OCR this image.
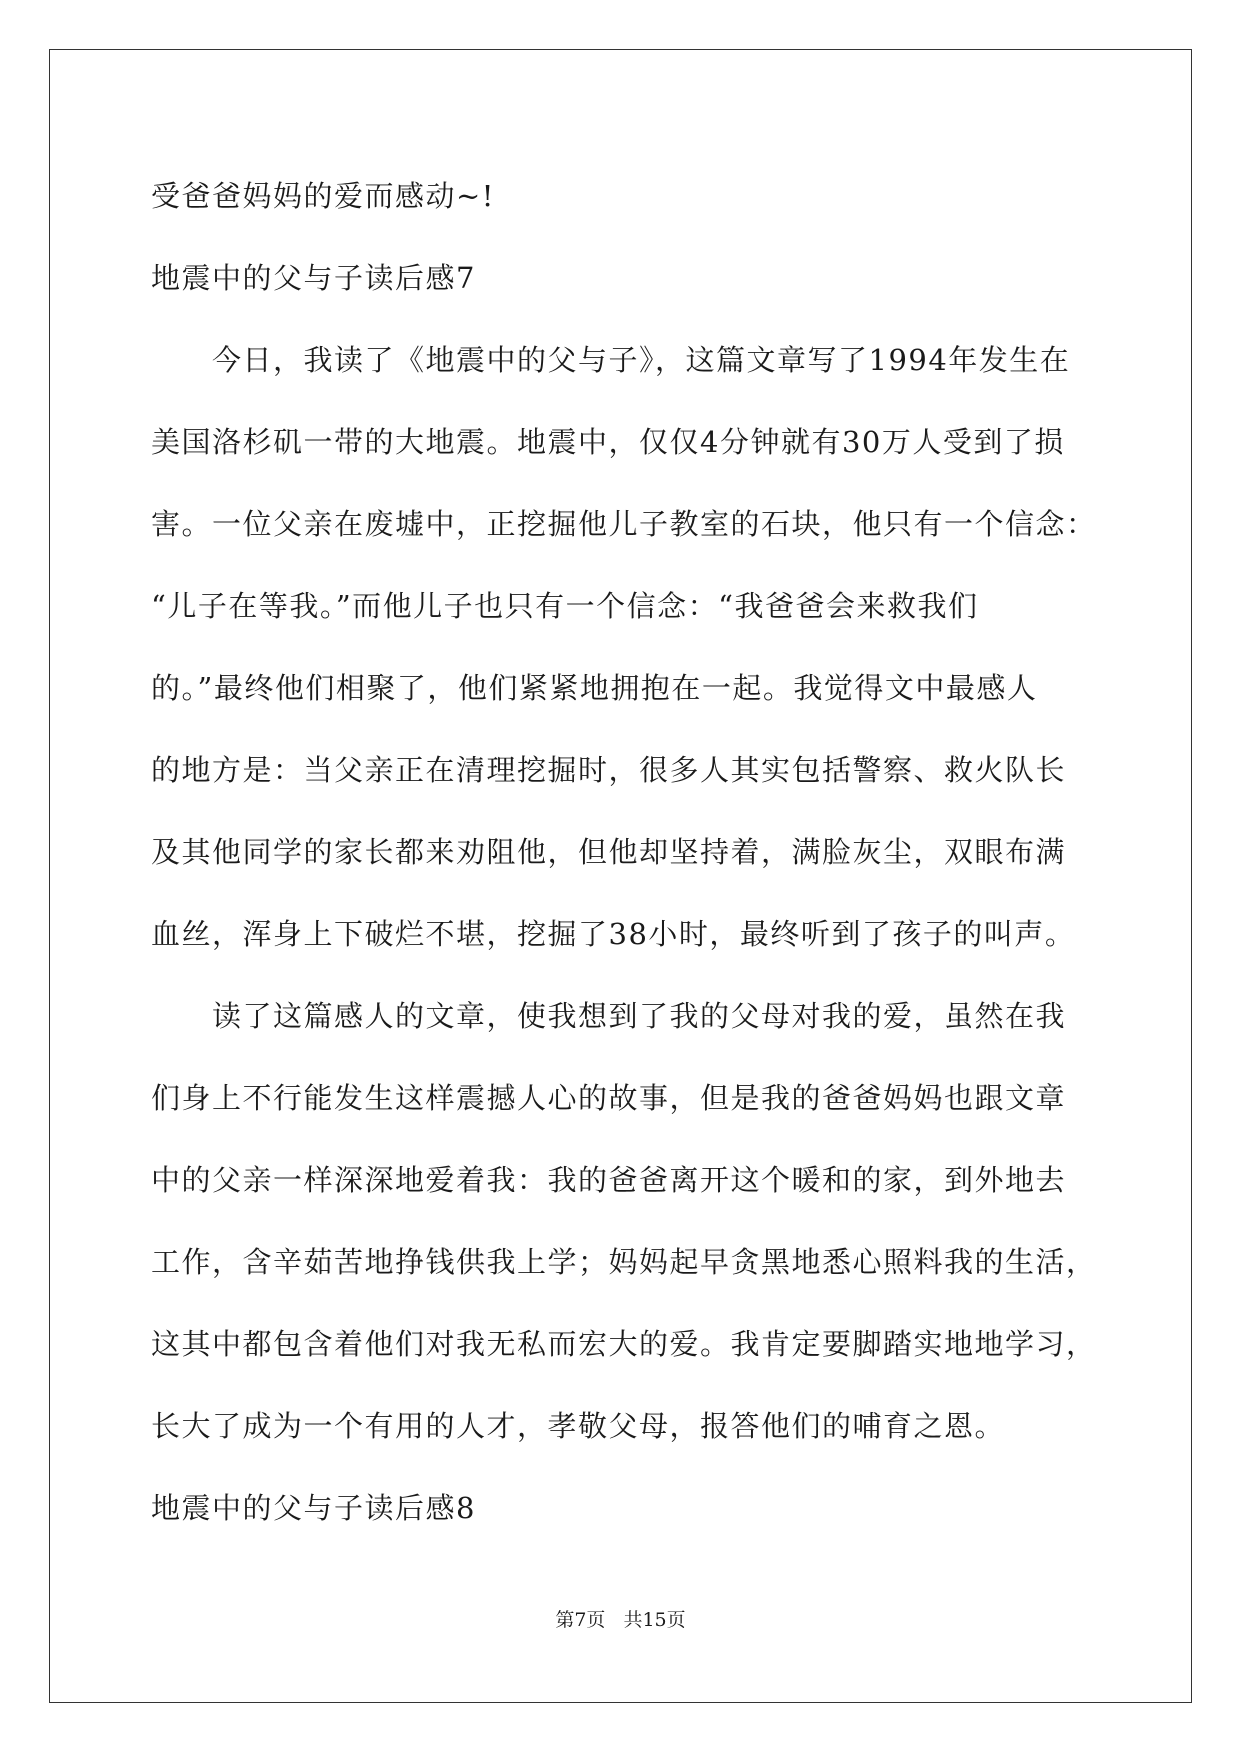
受爸爸妈妈的爱而感动~!
地震中的父与子读后感7
　　今日，我读了《地震中的父与子》，这篇文章写了1994年发生在
美国洛杉矶一带的大地震。地震中，仅仅4分钟就有30万人受到了损
害。一位父亲在废墟中，正挖掘他儿子教室的石块，他只有一个信念：
“儿子在等我。”而他儿子也只有一个信念：“我爸爸会来救我们
的。”最终他们相聚了，他们紧紧地拥抱在一起。我觉得文中最感人
的地方是：当父亲正在清理挖掘时，很多人其实包括警察、救火队长
及其他同学的家长都来劝阻他，但他却坚持着，满脸灰尘，双眼布满
血丝，浑身上下破烂不堪，挖掘了38小时，最终听到了孩子的叫声。
　　读了这篇感人的文章，使我想到了我的父母对我的爱，虽然在我
们身上不行能发生这样震撼人心的故事，但是我的爸爸妈妈也跟文章
中的父亲一样深深地爱着我：我的爸爸离开这个暖和的家，到外地去
工作，含辛茹苦地挣钱供我上学；妈妈起早贪黑地悉心照料我的生活，
这其中都包含着他们对我无私而宏大的爱。我肯定要脚踏实地地学习，
长大了成为一个有用的人才，孝敬父母，报答他们的哺育之恩。
地震中的父与子读后感8
第7页 共15页
